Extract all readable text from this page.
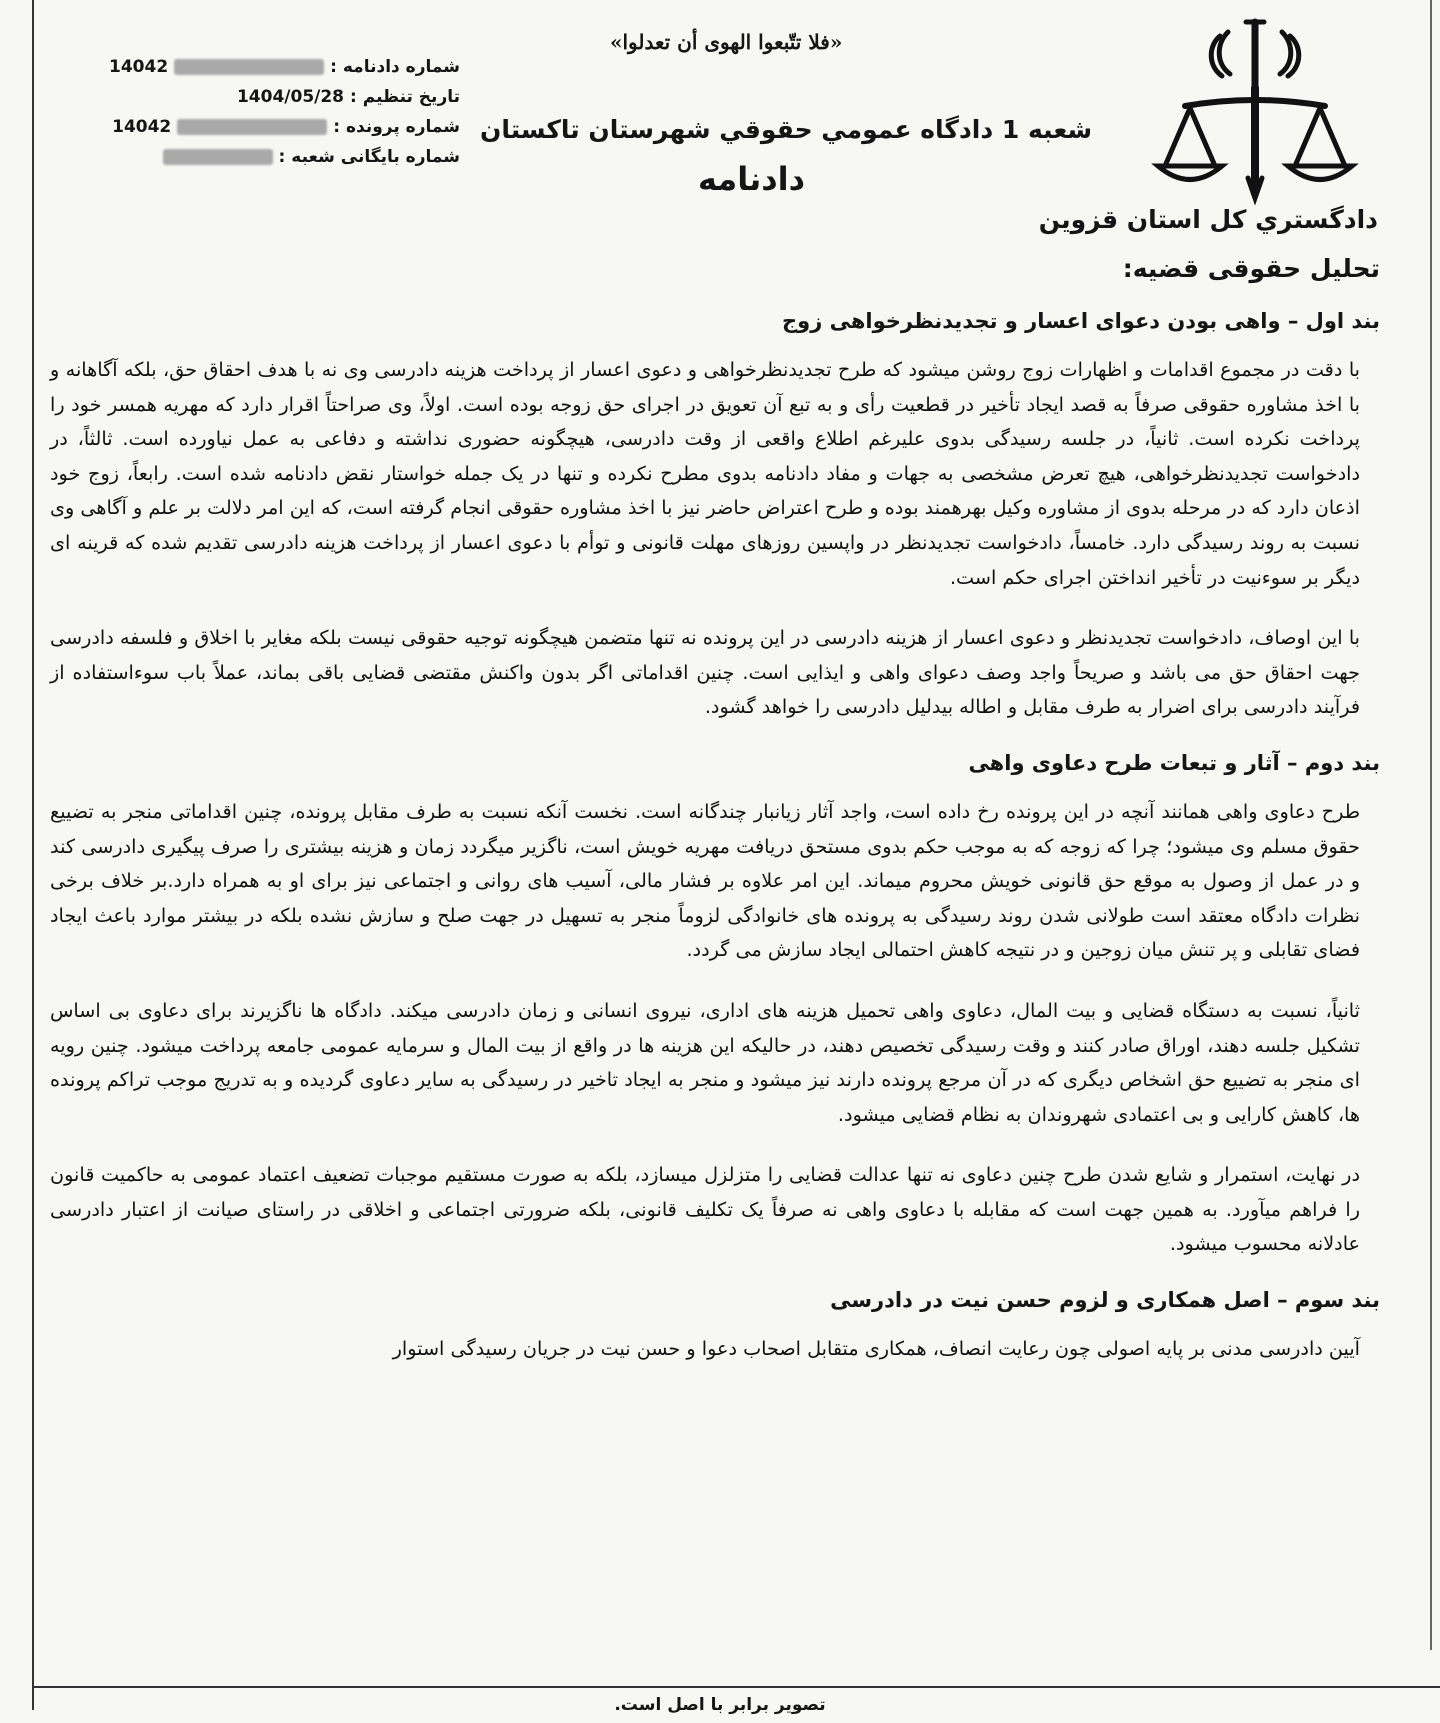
دادگستري كل استان قزوين
«فلا تتّبعوا الهوی أن تعدلوا»
شعبه 1 دادگاه عمومي حقوقي شهرستان تاكستان
دادنامه
شماره دادنامه :
14042
تاریخ تنظیم :
1404/05/28
شماره پرونده :
14042
شماره بایگانی شعبه :
تحلیل حقوقی قضیه:
بند اول – واهی بودن دعوای اعسار و تجدیدنظرخواهی زوج

با دقت در مجموع اقدامات و اظهارات زوج روشن میشود که طرح تجدیدنظرخواهی و دعوی اعسار از پرداخت هزینه دادرسی وی نه با هدف احقاق حق، بلکه آگاهانه و با اخذ مشاوره حقوقی صرفاً به قصد ایجاد تأخیر در قطعیت رأی و به تبع آن تعویق در اجرای حق زوجه بوده است. اولاً، وی صراحتاً اقرار دارد که مهریه همسر خود را پرداخت نکرده است. ثانیاً، در جلسه رسیدگی بدوی علیرغم اطلاع واقعی از وقت دادرسی، هیچگونه حضوری نداشته و دفاعی به عمل نیاورده است. ثالثاً، در دادخواست تجدیدنظرخواهی، هیچ تعرض مشخصی به جهات و مفاد دادنامه بدوی مطرح نکرده و تنها در یک جمله خواستار نقض دادنامه شده است. رابعاً، زوج خود اذعان دارد که در مرحله بدوی از مشاوره وکیل بهرهمند بوده و طرح اعتراض حاضر نیز با اخذ مشاوره حقوقی انجام گرفته است، که این امر دلالت بر علم و آگاهی وی نسبت به روند رسیدگی دارد. خامساً، دادخواست تجدیدنظر در واپسین روزهای مهلت قانونی و توأم با دعوی اعسار از پرداخت هزینه دادرسی تقدیم شده که قرینه ای دیگر بر سوءنیت در تأخیر انداختن اجرای حکم است.

با این اوصاف، دادخواست تجدیدنظر و دعوی اعسار از هزینه دادرسی در این پرونده نه تنها متضمن هیچگونه توجیه حقوقی نیست بلکه مغایر با اخلاق و فلسفه دادرسی جهت احقاق حق می باشد و صریحاً واجد وصف دعوای واهی و ایذایی است. چنین اقداماتی اگر بدون واکنش مقتضی قضایی باقی بماند، عملاً باب سوءاستفاده از فرآیند دادرسی برای اضرار به طرف مقابل و اطاله بیدلیل دادرسی را خواهد گشود.

بند دوم – آثار و تبعات طرح دعاوی واهی

طرح دعاوی واهی همانند آنچه در این پرونده رخ داده است، واجد آثار زیانبار چندگانه است. نخست آنکه نسبت به طرف مقابل پرونده، چنین اقداماتی منجر به تضییع حقوق مسلم وی میشود؛ چرا که زوجه که به موجب حکم بدوی مستحق دریافت مهریه خویش است، ناگزیر میگردد زمان و هزینه بیشتری را صرف پیگیری دادرسی کند و در عمل از وصول به موقع حق قانونی خویش محروم میماند. این امر علاوه بر فشار مالی، آسیب های روانی و اجتماعی نیز برای او به همراه دارد.بر خلاف برخی نظرات دادگاه معتقد است طولانی شدن روند رسیدگی به پرونده های خانوادگی لزوماً منجر به تسهیل در جهت صلح و سازش نشده بلکه در بیشتر موارد باعث ایجاد فضای تقابلی و پر تنش میان زوجین و در نتیجه کاهش احتمالی ایجاد سازش می گردد.

ثانیاً، نسبت به دستگاه قضایی و بیت المال، دعاوی واهی تحمیل هزینه های اداری، نیروی انسانی و زمان دادرسی میکند. دادگاه ها ناگزیرند برای دعاوی بی اساس تشکیل جلسه دهند، اوراق صادر کنند و وقت رسیدگی تخصیص دهند، در حالیکه این هزینه ها در واقع از بیت المال و سرمایه عمومی جامعه پرداخت میشود. چنین رویه ای منجر به تضییع حق اشخاص دیگری که در آن مرجع پرونده دارند نیز میشود و منجر به ایجاد تاخیر در رسیدگی به سایر دعاوی گردیده و به تدریج موجب تراکم پرونده ها، کاهش کارایی و بی اعتمادی شهروندان به نظام قضایی میشود.

در نهایت، استمرار و شایع شدن طرح چنین دعاوی نه تنها عدالت قضایی را متزلزل میسازد، بلکه به صورت مستقیم موجبات تضعیف اعتماد عمومی به حاکمیت قانون را فراهم میآورد. به همین جهت است که مقابله با دعاوی واهی نه صرفاً یک تکلیف قانونی، بلکه ضرورتی اجتماعی و اخلاقی در راستای صیانت از اعتبار دادرسی عادلانه محسوب میشود.

بند سوم – اصل همکاری و لزوم حسن نیت در دادرسی

آیین دادرسی مدنی بر پایه اصولی چون رعایت انصاف، همکاری متقابل اصحاب دعوا و حسن نیت در جریان رسیدگی استوار

تصویر برابر با اصل است.
